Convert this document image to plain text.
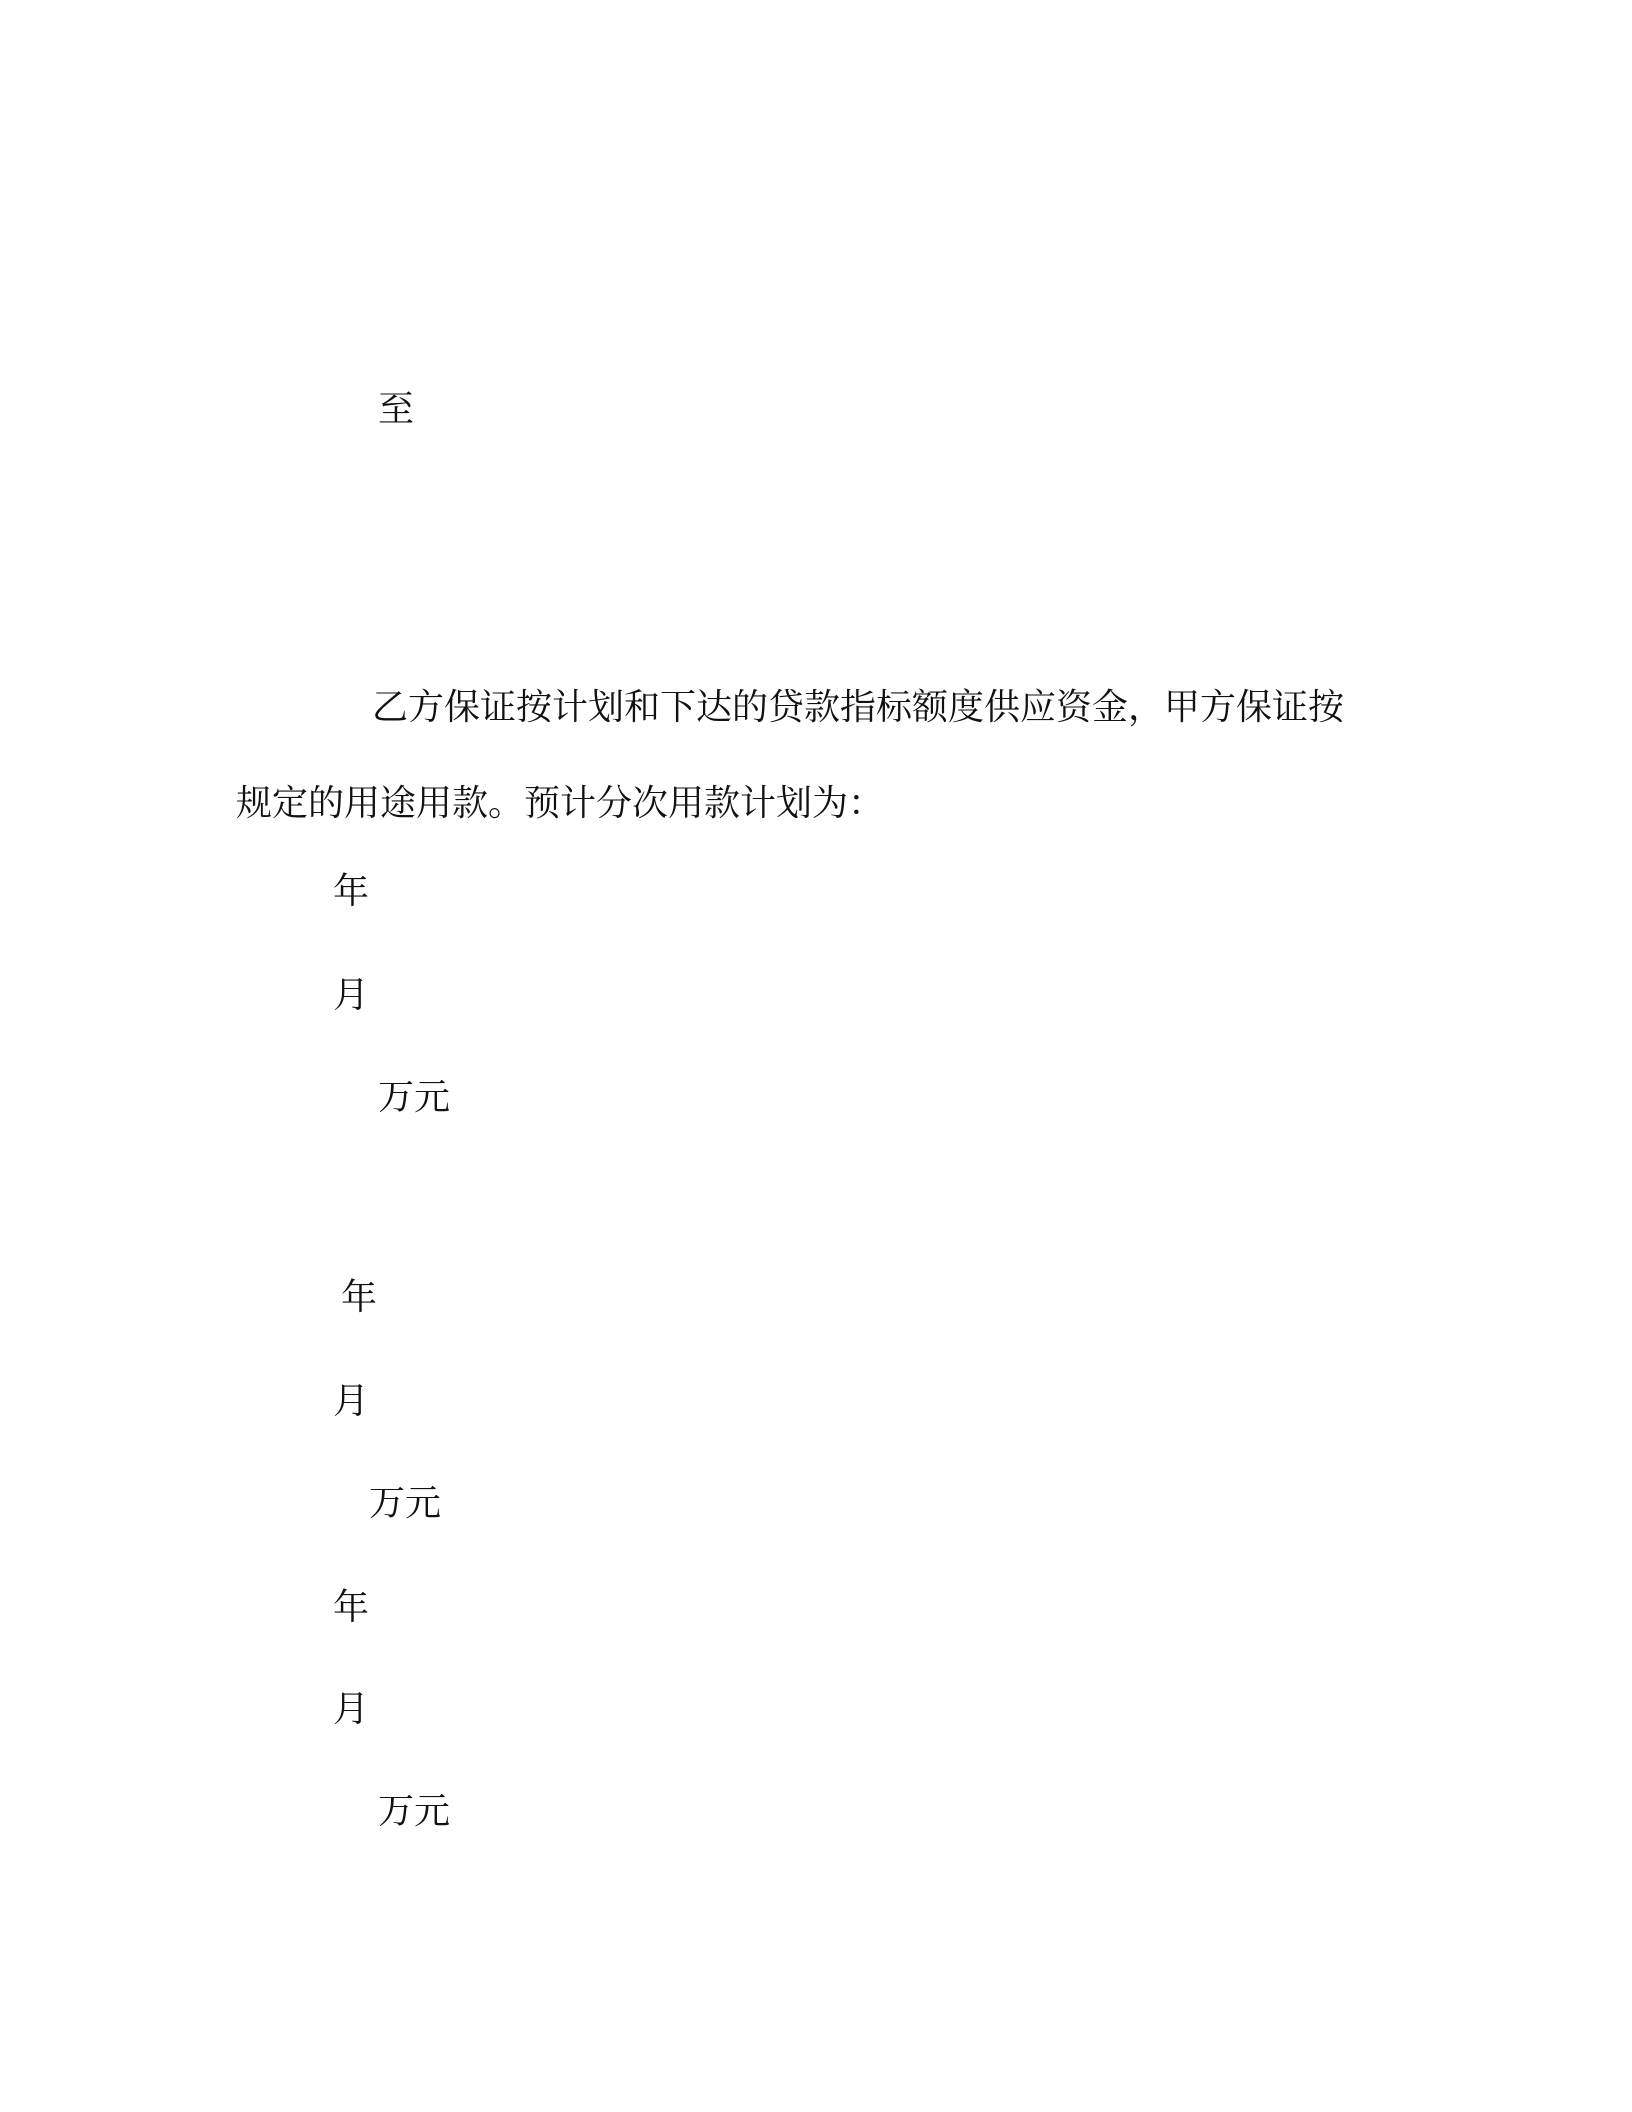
至
乙方保证按计划和下达的贷款指标额度供应资金，甲方保证按
规定的用途用款。预计分次用款计划为：
年
月
万元
年
月
万元
年
月
万元
